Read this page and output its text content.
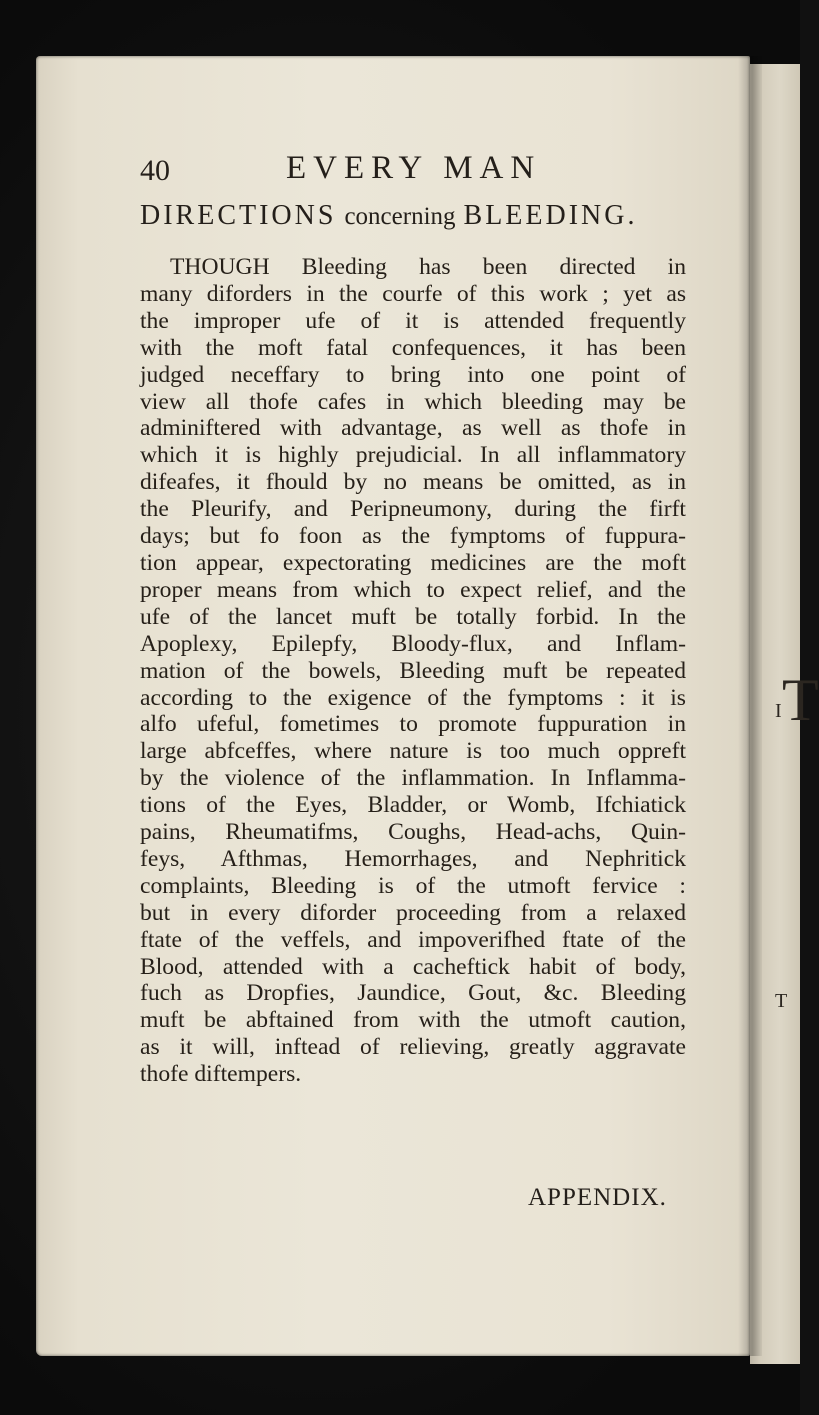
I
T
40	EVERY MAN
DIRECTIONS concerning BLEEDING.
THOUGH Bleeding has been directed in
many diforders in the courfe of this work ; yet as
the improper ufe of it is attended frequently
with the moft fatal confequences, it has been
judged neceffary to bring into one point of
view all thofe cafes in which bleeding may be
adminiftered with advantage, as well as thofe in
which it is highly prejudicial. In all inflammatory
difeafes, it fhould by no means be omitted, as in
the Pleurify, and Peripneumony, during the firft
days; but fo foon as the fymptoms of fuppura-
tion appear, expectorating medicines are the moft
proper means from which to expect relief, and the
ufe of the lancet muft be totally forbid. In the
Apoplexy, Epilepfy, Bloody-flux, and Inflam-
mation of the bowels, Bleeding muft be repeated
according to the exigence of the fymptoms : it is
alfo ufeful, fometimes to promote fuppuration in
large abfceffes, where nature is too much oppreft
by the violence of the inflammation. In Inflamma-
tions of the Eyes, Bladder, or Womb, Ifchiatick
pains, Rheumatifms, Coughs, Head-achs, Quin-
feys, Afthmas, Hemorrhages, and Nephritick
complaints, Bleeding is of the utmoft fervice :
but in every diforder proceeding from a relaxed
ftate of the veffels, and impoverifhed ftate of the
Blood, attended with a cacheftick habit of body,
fuch as Dropfies, Jaundice, Gout, &c. Bleeding
muft be abftained from with the utmoft caution,
as it will, inftead of relieving, greatly aggravate
thofe diftempers.
APPENDIX.
T
